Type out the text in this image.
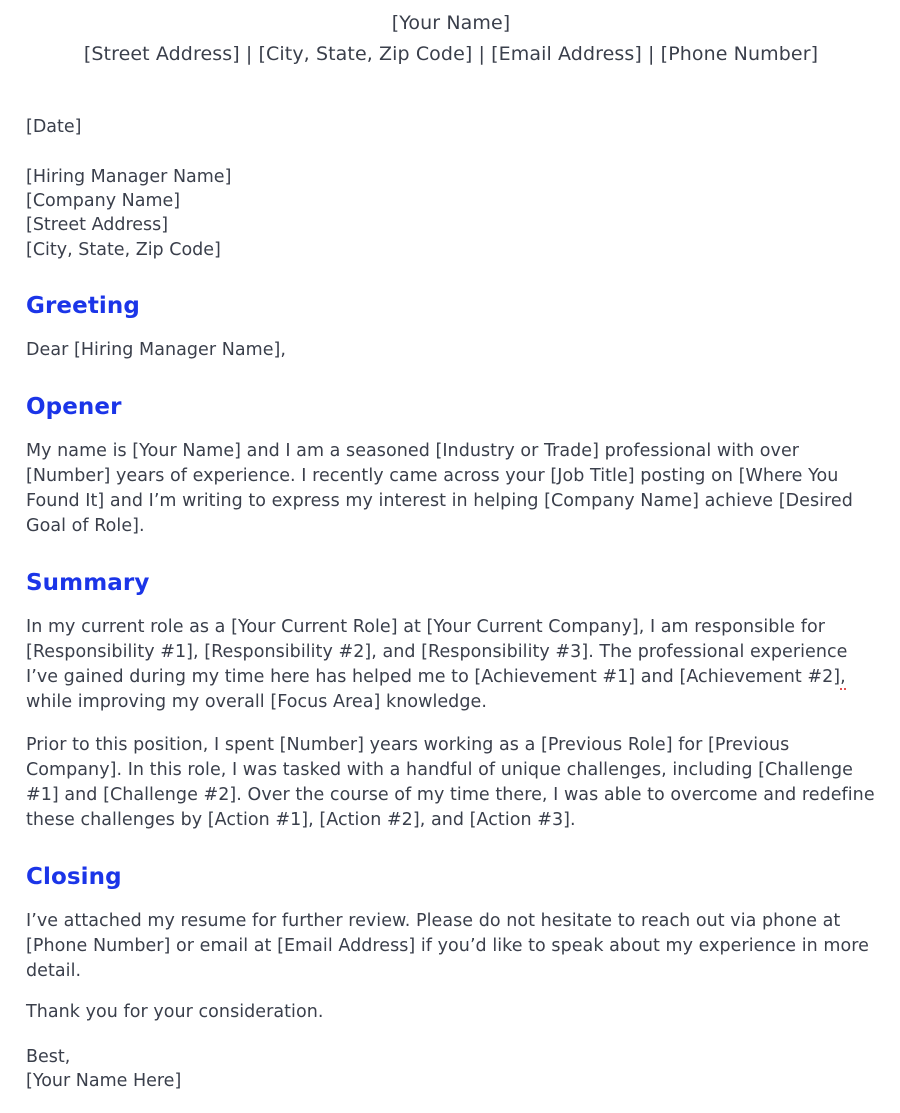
[Your Name]
[Street Address] | [City, State, Zip Code] | [Email Address] | [Phone Number]
[Date]
[Hiring Manager Name]
[Company Name]
[Street Address]
[City, State, Zip Code]
Greeting

Dear [Hiring Manager Name],

Opener

My name is [Your Name] and I am a seasoned [Industry or Trade] professional with over [Number] years of experience. I recently came across your [Job Title] posting on [Where You Found It] and I’m writing to express my interest in helping [Company Name] achieve [Desired Goal of Role].

Summary

In my current role as a [Your Current Role] at [Your Current Company], I am responsible for [Responsibility #1], [Responsibility #2], and [Responsibility #3]. The professional experience I’ve gained during my time here has helped me to [Achievement #1] and [Achievement #2], while improving my overall [Focus Area] knowledge.

Prior to this position, I spent [Number] years working as a [Previous Role] for [Previous Company]. In this role, I was tasked with a handful of unique challenges, including [Challenge #1] and [Challenge #2]. Over the course of my time there, I was able to overcome and redefine these challenges by [Action #1], [Action #2], and [Action #3].

Closing

I’ve attached my resume for further review. Please do not hesitate to reach out via phone at [Phone Number] or email at [Email Address] if you’d like to speak about my experience in more detail.

Thank you for your consideration.

Best,
[Your Name Here]
